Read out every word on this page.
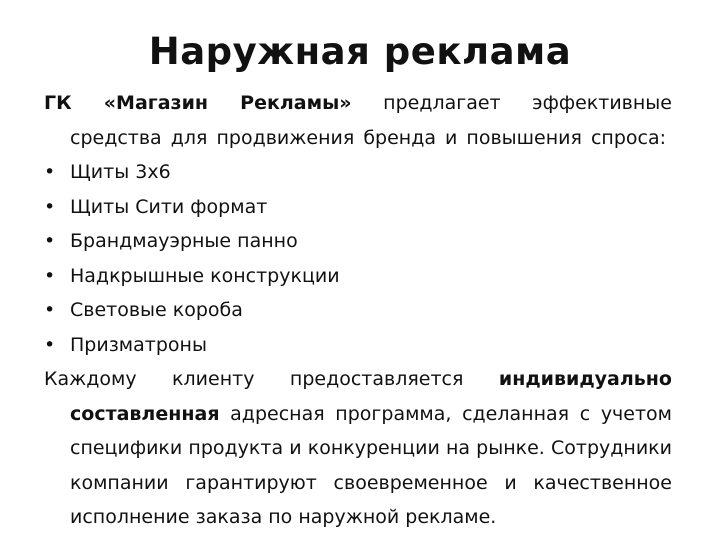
Наружная реклама
ГК «Магазин Рекламы» предлагает эффективные средства для продвижения бренда и повышения спроса:
• Щиты 3х6
• Щиты Сити формат
• Брандмауэрные панно
• Надкрышные конструкции
• Световые короба
• Призматроны
Каждому клиенту предоставляется индивидуально составленная адресная программа, сделанная с учетом специфики продукта и конкуренции на рынке. Сотрудники компании гарантируют своевременное и качественное исполнение заказа по наружной рекламе.
